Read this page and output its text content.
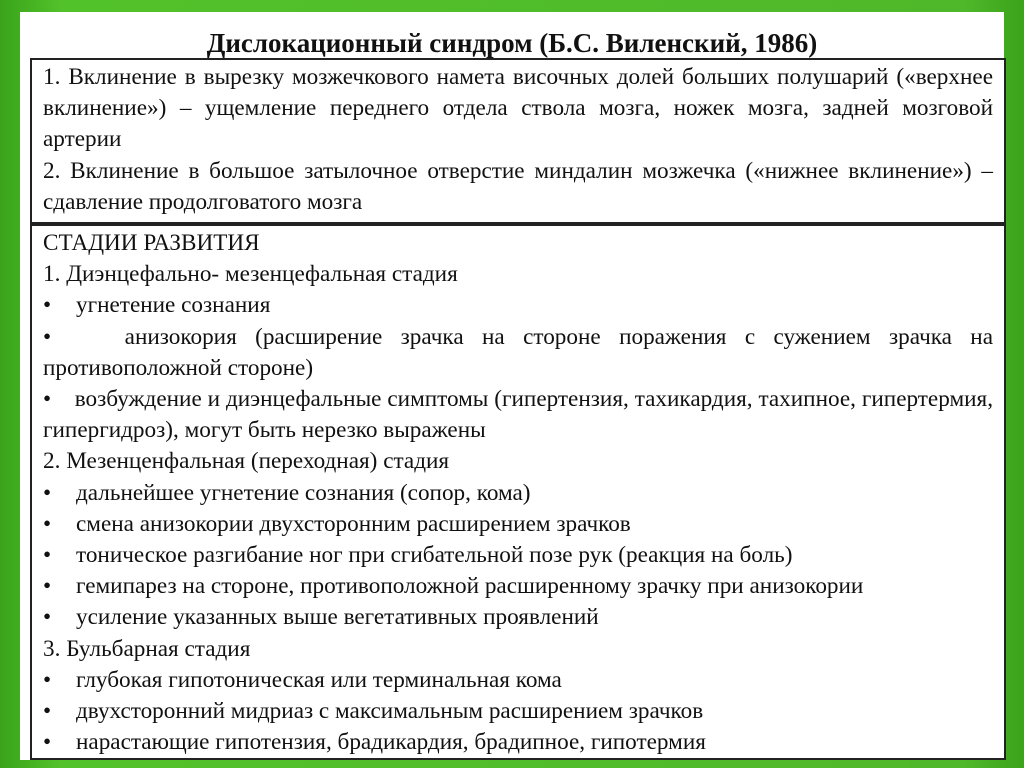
Дислокационный синдром (Б.С. Виленский, 1986)
1. Вклинение в вырезку мозжечкового намета височных долей больших полушарий («верхнее вклинение») – ущемление переднего отдела ствола мозга, ножек мозга, задней мозговой артерии
2. Вклинение в большое затылочное отверстие миндалин мозжечка («нижнее вклинение») – сдавление продолговатого мозга
СТАДИИ РАЗВИТИЯ
1. Диэнцефально- мезенцефальная стадия
•	угнетение сознания
•	анизокория (расширение зрачка на стороне поражения с сужением зрачка на противоположной стороне)
• возбуждение и диэнцефальные симптомы (гипертензия, тахикардия, тахипное, гипертермия, гипергидроз), могут быть нерезко выражены
2. Мезенценфальная (переходная) стадия
•	дальнейшее угнетение сознания (сопор, кома)
•	смена анизокории двухсторонним расширением зрачков
•	тоническое разгибание ног при сгибательной позе рук (реакция на боль)
•	гемипарез на стороне, противоположной расширенному зрачку при анизокории
•	усиление указанных выше вегетативных проявлений
3. Бульбарная стадия
•	глубокая гипотоническая или терминальная кома
•	двухсторонний мидриаз с максимальным расширением зрачков
•	нарастающие гипотензия, брадикардия, брадипное, гипотермия
